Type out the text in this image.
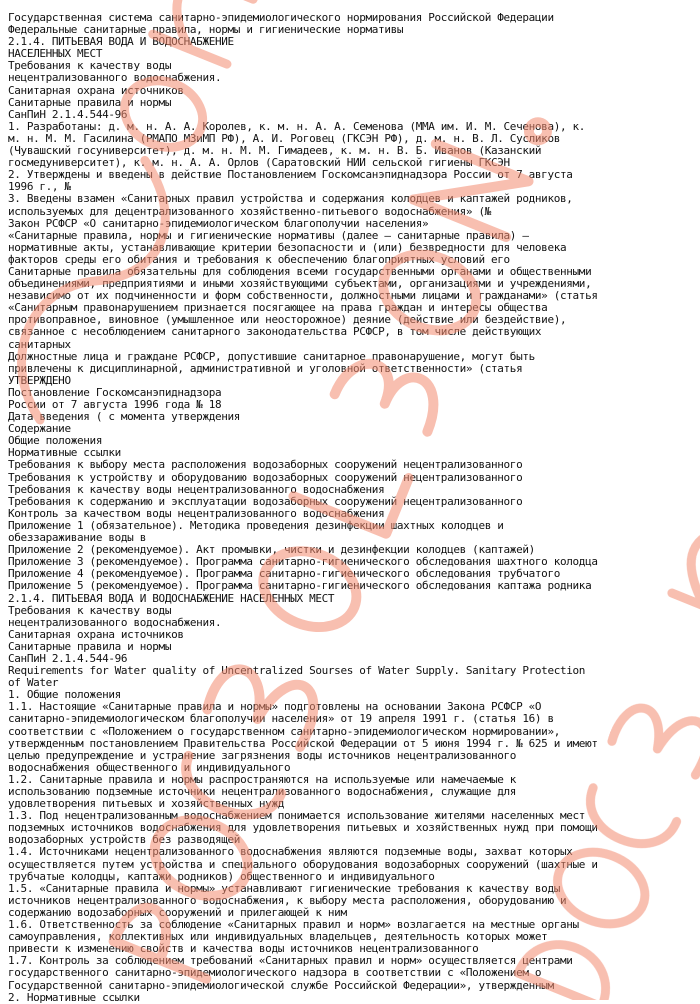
Государственная система санитарно-эпидемиологического нормирования Российской Федерации
Федеральные санитарные правила, нормы и гигиенические нормативы
2.1.4. ПИТЬЕВАЯ ВОДА И ВОДОСНАБЖЕНИЕ
НАСЕЛЕННЫХ МЕСТ
Требования к качеству воды
нецентрализованного водоснабжения.
Санитарная охрана источников
Санитарные правила и нормы
СанПиН 2.1.4.544-96
1. Разработаны: д. м. н. А. А. Королев, к. м. н. А. А. Семенова (ММА им. И. М. Сеченова), к.
м. н. М. М. Гасилина (РМАПО МЗиМП РФ), А. И. Роговец (ГКСЭН РФ), д. м. н. В. Л. Сусликов
(Чувашский госуниверситет), д. м. н. М. М. Гимадеев, к. м. н. В. Б. Иванов (Казанский
госмедуниверситет), к. м. н. А. А. Орлов (Саратовский НИИ сельской гигиены ГКСЭН
2. Утверждены и введены в действие Постановлением Госкомсанэпиднадзора России от 7 августа
1996 г., №
3. Введены взамен «Санитарных правил устройства и содержания колодцев и каптажей родников,
используемых для децентрализованного хозяйственно-питьевого водоснабжения» (№
Закон РСФСР «О санитарно-эпидемиологическом благополучии населения»
«Санитарные правила, нормы и гигиенические нормативы (далее — санитарные правила) —
нормативные акты, устанавливающие критерии безопасности и (или) безвредности для человека
факторов среды его обитания и требования к обеспечению благоприятных условий его
Санитарные правила обязательны для соблюдения всеми государственными органами и общественными
объединениями, предприятиями и иными хозяйствующими субъектами, организациями и учреждениями,
независимо от их подчиненности и форм собственности, должностными лицами и гражданами» (статья
«Санитарным правонарушением признается посягающее на права граждан и интересы общества
противоправное, виновное (умышленное или неосторожное) деяние (действие или бездействие),
связанное с несоблюдением санитарного законодательства РСФСР, в том числе действующих
санитарных
Должностные лица и граждане РСФСР, допустившие санитарное правонарушение, могут быть
привлечены к дисциплинарной, административной и уголовной ответственности» (статья
УТВЕРЖДЕНО
Постановление Госкомсанэпиднадзора
России от 7 августа 1996 года № 18
Дата введения ( с момента утверждения
Содержание
Общие положения
Нормативные ссылки
Требования к выбору места расположения водозаборных сооружений нецентрализованного
Требования к устройству и оборудованию водозаборных сооружений нецентрализованного
Требования к качеству воды нецентрализованного водоснабжения
Требования к содержанию и эксплуатации водозаборных сооружений нецентрализованного
Контроль за качеством воды нецентрализованного водоснабжения
Приложение 1 (обязательное). Методика проведения дезинфекции шахтных колодцев и
обеззараживание воды в
Приложение 2 (рекомендуемое). Акт промывки, чистки и дезинфекции колодцев (каптажей)
Приложение 3 (рекомендуемое). Программа санитарно-гигиенического обследования шахтного колодца
Приложение 4 (рекомендуемое). Программа санитарно-гигиенического обследования трубчатого
Приложение 5 (рекомендуемое). Программа санитарно-гигиенического обследования каптажа родника
2.1.4. ПИТЬЕВАЯ ВОДА И ВОДОСНАБЖЕНИЕ НАСЕЛЕННЫХ МЕСТ
Требования к качеству воды
нецентрализованного водоснабжения.
Санитарная охрана источников
Санитарные правила и нормы
СанПиН 2.1.4.544-96
Requirements for Water quality of Uncentralized Sourses of Water Supply. Sanitary Protection
of Water
1. Общие положения
1.1. Настоящие «Санитарные правила и нормы» подготовлены на основании Закона РСФСР «О
санитарно-эпидемиологическом благополучии населения» от 19 апреля 1991 г. (статья 16) в
соответствии с «Положением о государственном санитарно-эпидемиологическом нормировании»,
утвержденным постановлением Правительства Российской Федерации от 5 июня 1994 г. № 625 и имеют
целью предупреждение и устранение загрязнения воды источников нецентрализованного
водоснабжения общественного и индивидуального
1.2. Санитарные правила и нормы распространяются на используемые или намечаемые к
использованию подземные источники нецентрализованного водоснабжения, служащие для
удовлетворения питьевых и хозяйственных нужд
1.3. Под нецентрализованным водоснабжением понимается использование жителями населенных мест
подземных источников водоснабжения для удовлетворения питьевых и хозяйственных нужд при помощи
водозаборных устройств без разводящей
1.4. Источниками нецентрализованного водоснабжения являются подземные воды, захват которых
осуществляется путем устройства и специального оборудования водозаборных сооружений (шахтные и
трубчатые колодцы, каптажи родников) общественного и индивидуального
1.5. «Санитарные правила и нормы» устанавливают гигиенические требования к качеству воды
источников нецентрализованного водоснабжения, к выбору места расположения, оборудованию и
содержанию водозаборных сооружений и прилегающей к ним
1.6. Ответственность за соблюдение «Санитарных правил и норм» возлагается на местные органы
самоуправления, коллективных или индивидуальных владельцев, деятельность которых может
привести к изменению свойств и качества воды источников нецентрализованного
1.7. Контроль за соблюдением требований «Санитарных правил и норм» осуществляется центрами
государственного санитарно-эпидемиологического надзора в соответствии с «Положением о
Государственной санитарно-эпидемиологической службе Российской Федерации», утвержденным
2. Нормативные ссылки
